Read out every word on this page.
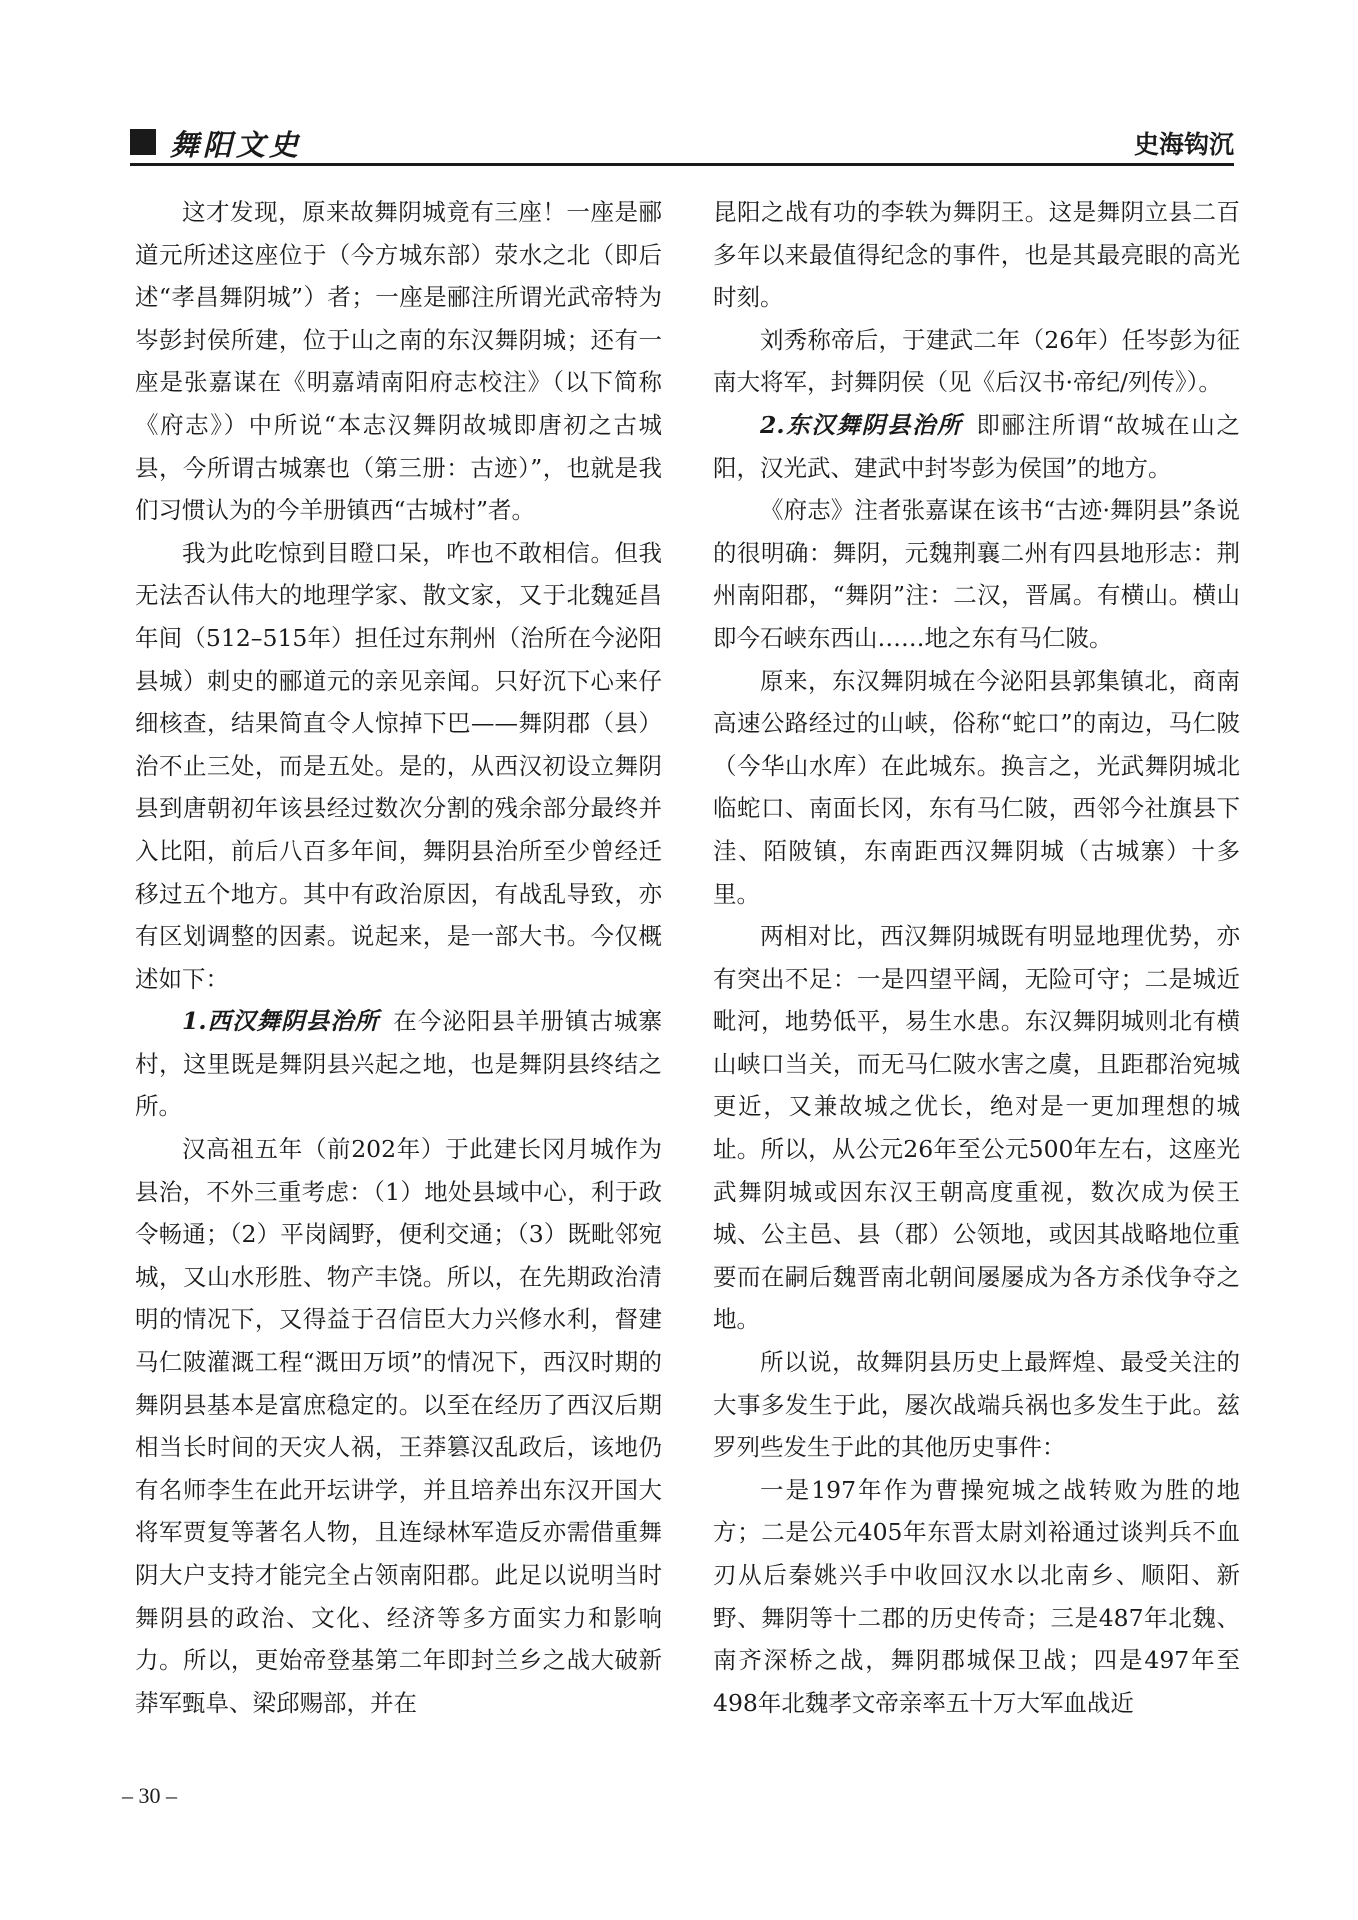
舞阳文史	史海钩沉

这才发现，原来故舞阴城竟有三座！一座是郦道元所述这座位于（今方城东部）荥水之北（即后述“孝昌舞阴城”）者；一座是郦注所谓光武帝特为岑彭封侯所建，位于山之南的东汉舞阴城；还有一座是张嘉谋在《明嘉靖南阳府志校注》（以下简称《府志》）中所说“本志汉舞阴故城即唐初之古城县，今所谓古城寨也（第三册：古迹）”，也就是我们习惯认为的今羊册镇西“古城村”者。

我为此吃惊到目瞪口呆，咋也不敢相信。但我无法否认伟大的地理学家、散文家，又于北魏延昌年间（512–515年）担任过东荆州（治所在今泌阳县城）刺史的郦道元的亲见亲闻。只好沉下心来仔细核查，结果简直令人惊掉下巴——舞阴郡（县）治不止三处，而是五处。是的，从西汉初设立舞阴县到唐朝初年该县经过数次分割的残余部分最终并入比阳，前后八百多年间，舞阴县治所至少曾经迁移过五个地方。其中有政治原因，有战乱导致，亦有区划调整的因素。说起来，是一部大书。今仅概述如下：

1.西汉舞阴县治所 在今泌阳县羊册镇古城寨村，这里既是舞阴县兴起之地，也是舞阴县终结之所。

汉高祖五年（前202年）于此建长冈月城作为县治，不外三重考虑：（1）地处县域中心，利于政令畅通；（2）平岗阔野，便利交通；（3）既毗邻宛城，又山水形胜、物产丰饶。所以，在先期政治清明的情况下，又得益于召信臣大力兴修水利，督建马仁陂灌溉工程“溉田万顷”的情况下，西汉时期的舞阴县基本是富庶稳定的。以至在经历了西汉后期相当长时间的天灾人祸，王莽篡汉乱政后，该地仍有名师李生在此开坛讲学，并且培养出东汉开国大将军贾复等著名人物，且连绿林军造反亦需借重舞阴大户支持才能完全占领南阳郡。此足以说明当时舞阴县的政治、文化、经济等多方面实力和影响力。所以，更始帝登基第二年即封兰乡之战大破新莽军甄阜、梁邱赐部，并在

昆阳之战有功的李轶为舞阴王。这是舞阴立县二百多年以来最值得纪念的事件，也是其最亮眼的高光时刻。

刘秀称帝后，于建武二年（26年）任岑彭为征南大将军，封舞阴侯（见《后汉书·帝纪/列传》）。

2.东汉舞阴县治所 即郦注所谓“故城在山之阳，汉光武、建武中封岑彭为侯国”的地方。

《府志》注者张嘉谋在该书“古迹·舞阴县”条说的很明确：舞阴，元魏荆襄二州有四县地形志：荆州南阳郡，“舞阴”注：二汉，晋属。有横山。横山即今石峡东西山……地之东有马仁陂。

原来，东汉舞阴城在今泌阳县郭集镇北，商南高速公路经过的山峡，俗称“蛇口”的南边，马仁陂（今华山水库）在此城东。换言之，光武舞阴城北临蛇口、南面长冈，东有马仁陂，西邻今社旗县下洼、陌陂镇，东南距西汉舞阴城（古城寨）十多里。

两相对比，西汉舞阴城既有明显地理优势，亦有突出不足：一是四望平阔，无险可守；二是城近毗河，地势低平，易生水患。东汉舞阴城则北有横山峡口当关，而无马仁陂水害之虞，且距郡治宛城更近，又兼故城之优长，绝对是一更加理想的城址。所以，从公元26年至公元500年左右，这座光武舞阴城或因东汉王朝高度重视，数次成为侯王城、公主邑、县（郡）公领地，或因其战略地位重要而在嗣后魏晋南北朝间屡屡成为各方杀伐争夺之地。

所以说，故舞阴县历史上最辉煌、最受关注的大事多发生于此，屡次战端兵祸也多发生于此。兹罗列些发生于此的其他历史事件：

一是197年作为曹操宛城之战转败为胜的地方；二是公元405年东晋太尉刘裕通过谈判兵不血刃从后秦姚兴手中收回汉水以北南乡、顺阳、新野、舞阴等十二郡的历史传奇；三是487年北魏、南齐深桥之战，舞阴郡城保卫战；四是497年至498年北魏孝文帝亲率五十万大军血战近

– 30 –
